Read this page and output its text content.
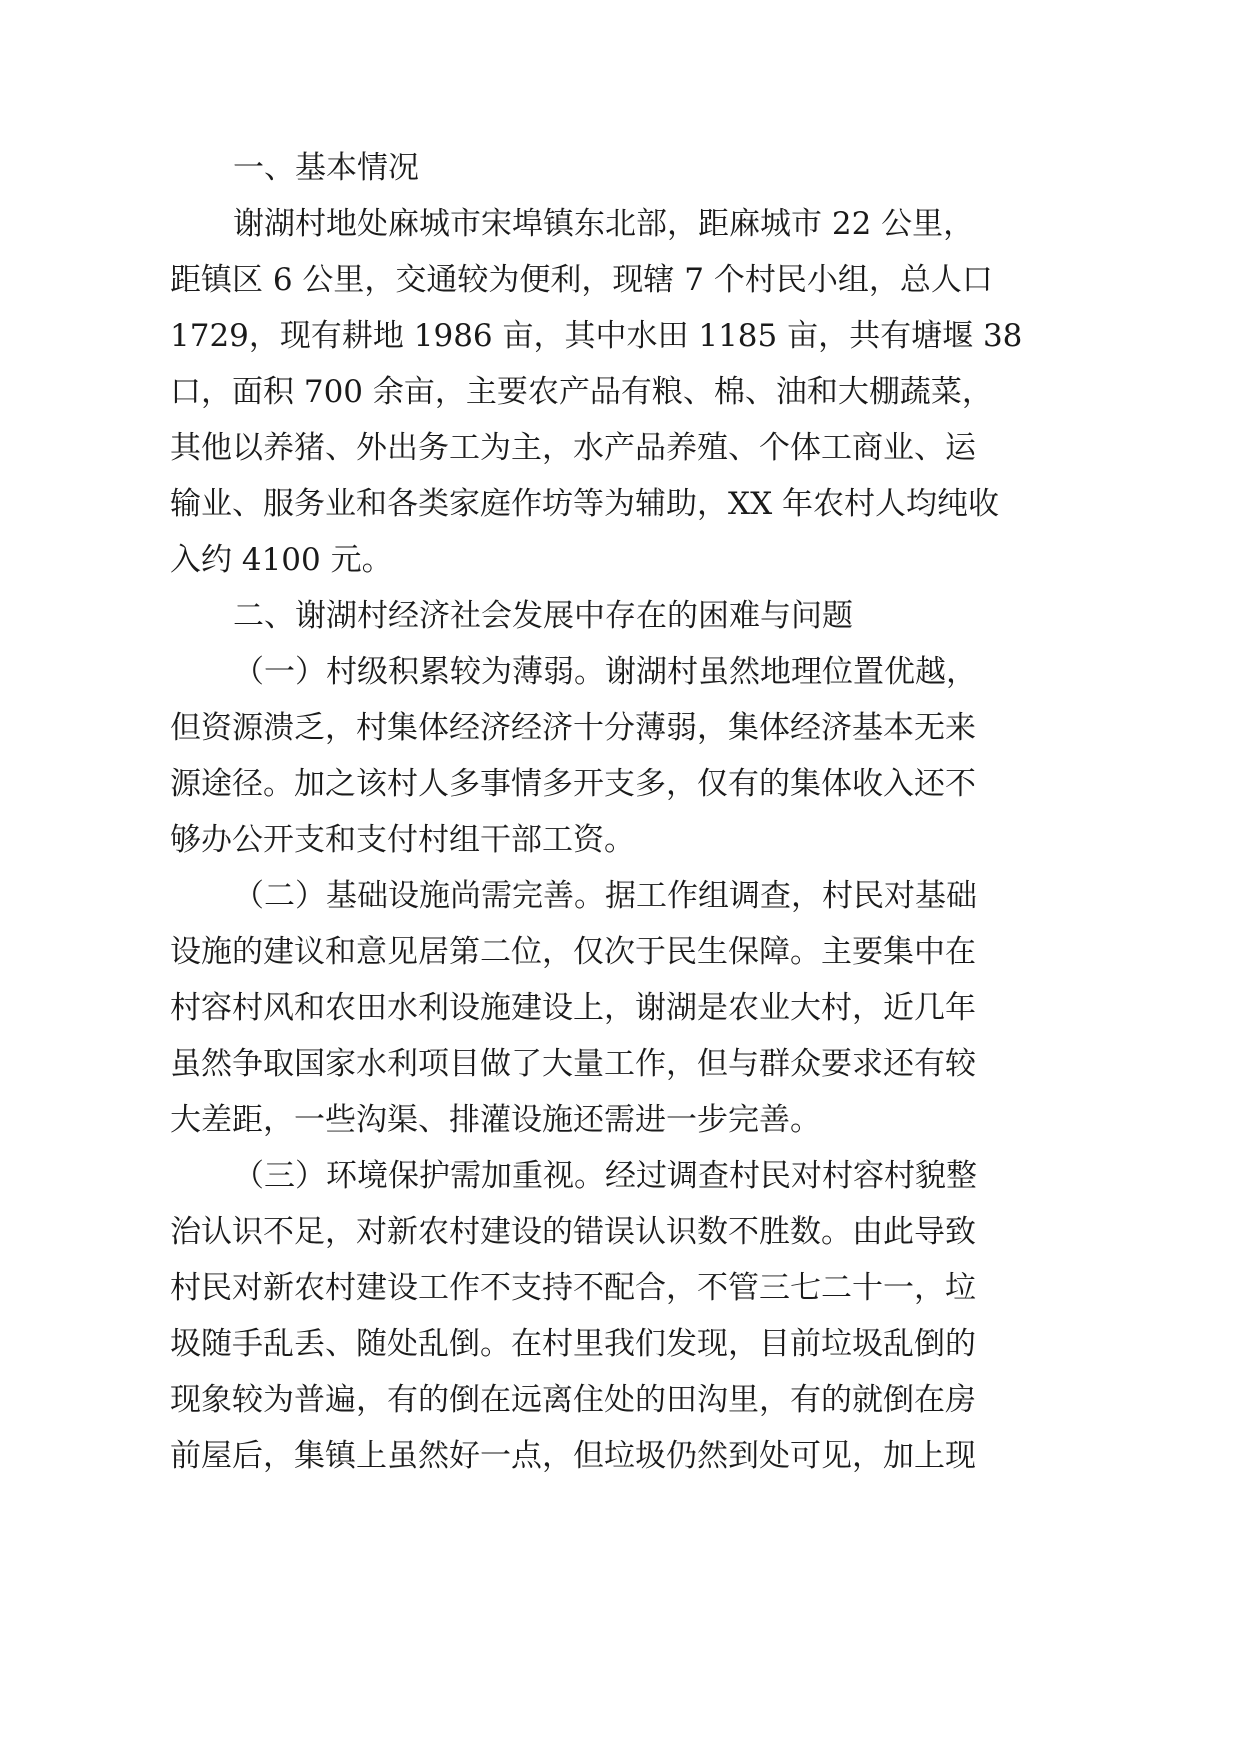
一、基本情况
谢湖村地处麻城市宋埠镇东北部，距麻城市 22 公里，
距镇区 6 公里，交通较为便利，现辖 7 个村民小组，总人口
1729，现有耕地 1986 亩，其中水田 1185 亩，共有塘堰 38
口，面积 700 余亩，主要农产品有粮、棉、油和大棚蔬菜，
其他以养猪、外出务工为主，水产品养殖、个体工商业、运
输业、服务业和各类家庭作坊等为辅助，XX 年农村人均纯收
入约 4100 元。
二、谢湖村经济社会发展中存在的困难与问题
（一）村级积累较为薄弱。谢湖村虽然地理位置优越，
但资源溃乏，村集体经济经济十分薄弱，集体经济基本无来
源途径。加之该村人多事情多开支多，仅有的集体收入还不
够办公开支和支付村组干部工资。
（二）基础设施尚需完善。据工作组调查，村民对基础
设施的建议和意见居第二位，仅次于民生保障。主要集中在
村容村风和农田水利设施建设上，谢湖是农业大村，近几年
虽然争取国家水利项目做了大量工作，但与群众要求还有较
大差距，一些沟渠、排灌设施还需进一步完善。
（三）环境保护需加重视。经过调查村民对村容村貌整
治认识不足，对新农村建设的错误认识数不胜数。由此导致
村民对新农村建设工作不支持不配合，不管三七二十一，垃
圾随手乱丢、随处乱倒。在村里我们发现，目前垃圾乱倒的
现象较为普遍，有的倒在远离住处的田沟里，有的就倒在房
前屋后，集镇上虽然好一点，但垃圾仍然到处可见，加上现
